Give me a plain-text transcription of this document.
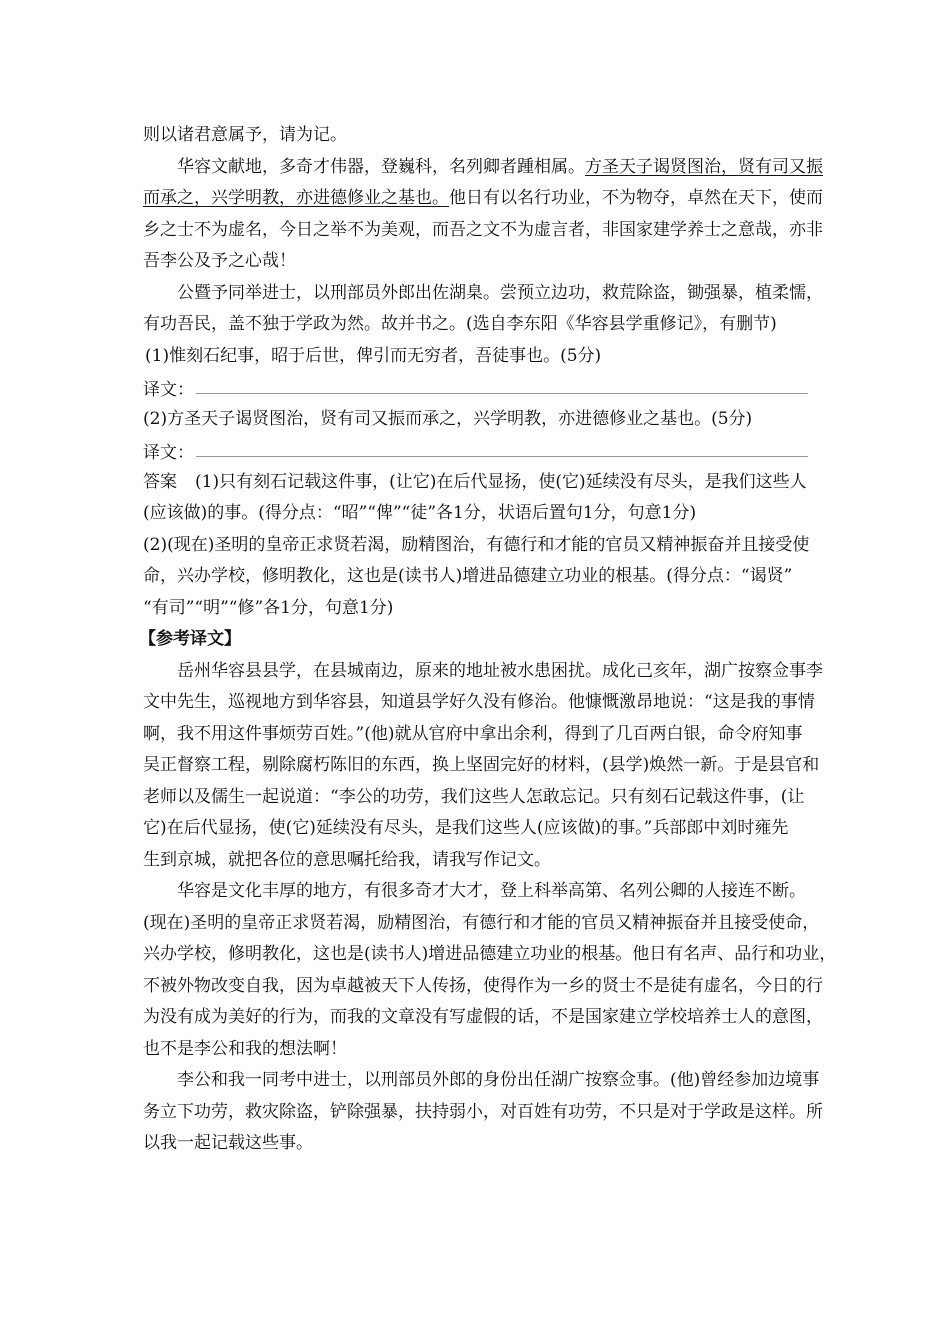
则以诸君意属予，请为记。
华容文献地，多奇才伟器，登巍科，名列卿者踵相属。方圣天子谒贤图治，贤有司又振
而承之，兴学明教，亦进德修业之基也。他日有以名行功业，不为物夺，卓然在天下，使而
乡之士不为虚名，今日之举不为美观，而吾之文不为虚言者，非国家建学养士之意哉，亦非
吾李公及予之心哉！
公暨予同举进士，以刑部员外郎出佐湖臬。尝预立边功，救荒除盗，锄强暴，植柔懦，
有功吾民，盖不独于学政为然。故并书之。(选自李东阳《华容县学重修记》，有删节)
(1)惟刻石纪事，昭于后世，俾引而无穷者，吾徒事也。(5分)
译文：
(2)方圣天子谒贤图治，贤有司又振而承之，兴学明教，亦进德修业之基也。(5分)
译文：
答案 (1)只有刻石记载这件事，(让它)在后代显扬，使(它)延续没有尽头，是我们这些人
(应该做)的事。(得分点：“昭”“俾”“徒”各1分，状语后置句1分，句意1分)
(2)(现在)圣明的皇帝正求贤若渴，励精图治，有德行和才能的官员又精神振奋并且接受使
命，兴办学校，修明教化，这也是(读书人)增进品德建立功业的根基。(得分点：“谒贤”
“有司”“明”“修”各1分，句意1分)
【参考译文】
岳州华容县县学，在县城南边，原来的地址被水患困扰。成化己亥年，湖广按察佥事李
文中先生，巡视地方到华容县，知道县学好久没有修治。他慷慨激昂地说：“这是我的事情
啊，我不用这件事烦劳百姓。”(他)就从官府中拿出余利，得到了几百两白银，命令府知事
吴正督察工程，剔除腐朽陈旧的东西，换上坚固完好的材料，(县学)焕然一新。于是县官和
老师以及儒生一起说道：“李公的功劳，我们这些人怎敢忘记。只有刻石记载这件事，(让
它)在后代显扬，使(它)延续没有尽头，是我们这些人(应该做)的事。”兵部郎中刘时雍先
生到京城，就把各位的意思嘱托给我，请我写作记文。
华容是文化丰厚的地方，有很多奇才大才，登上科举高第、名列公卿的人接连不断。
(现在)圣明的皇帝正求贤若渴，励精图治，有德行和才能的官员又精神振奋并且接受使命，
兴办学校，修明教化，这也是(读书人)增进品德建立功业的根基。他日有名声、品行和功业，
不被外物改变自我，因为卓越被天下人传扬，使得作为一乡的贤士不是徒有虚名，今日的行
为没有成为美好的行为，而我的文章没有写虚假的话，不是国家建立学校培养士人的意图，
也不是李公和我的想法啊！
李公和我一同考中进士，以刑部员外郎的身份出任湖广按察佥事。(他)曾经参加边境事
务立下功劳，救灾除盗，铲除强暴，扶持弱小，对百姓有功劳，不只是对于学政是这样。所
以我一起记载这些事。
